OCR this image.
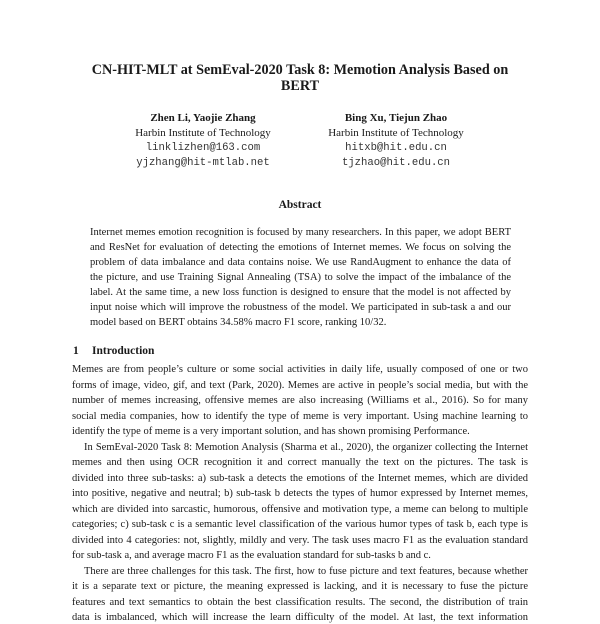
CN-HIT-MLT at SemEval-2020 Task 8: Memotion Analysis Based on
BERT
Zhen Li, Yaojie Zhang
Harbin Institute of Technology
linklizhen@163.com
yjzhang@hit-mtlab.net
Bing Xu, Tiejun Zhao
Harbin Institute of Technology
hitxb@hit.edu.cn
tjzhao@hit.edu.cn
Abstract
Internet memes emotion recognition is focused by many researchers. In this paper, we adopt BERT
and ResNet for evaluation of detecting the emotions of Internet memes. We focus on solving the
problem of data imbalance and data contains noise. We use RandAugment to enhance the data of
the picture, and use Training Signal Annealing (TSA) to solve the impact of the imbalance of the
label. At the same time, a new loss function is designed to ensure that the model is not affected by
input noise which will improve the robustness of the model. We participated in sub-task a and our
model based on BERT obtains 34.58% macro F1 score, ranking 10/32.
1 Introduction
Memes are from people’s culture or some social activities in daily life, usually composed of one or two
forms of image, video, gif, and text (Park, 2020). Memes are active in people’s social media, but with the
number of memes increasing, offensive memes are also increasing (Williams et al., 2016). So for many
social media companies, how to identify the type of meme is very important. Using machine learning to
identify the type of meme is a very important solution, and has shown promising Performance.
In SemEval-2020 Task 8: Memotion Analysis (Sharma et al., 2020), the organizer collecting the Internet
memes and then using OCR recognition it and correct manually the text on the pictures. The task is
divided into three sub-tasks: a) sub-task a detects the emotions of the Internet memes, which are divided
into positive, negative and neutral; b) sub-task b detects the types of humor expressed by Internet memes,
which are divided into sarcastic, humorous, offensive and motivation type, a meme can belong to multiple
categories; c) sub-task c is a semantic level classification of the various humor types of task b, each type is
divided into 4 categories: not, slightly, mildly and very. The task uses macro F1 as the evaluation standard
for sub-task a, and average macro F1 as the evaluation standard for sub-tasks b and c.
There are three challenges for this task. The first, how to fuse picture and text features, because whether
it is a separate text or picture, the meaning expressed is lacking, and it is necessary to fuse the picture
features and text semantics to obtain the best classification results. The second, the distribution of train
data is imbalanced, which will increase the learn difficulty of the model. At last, the text information
